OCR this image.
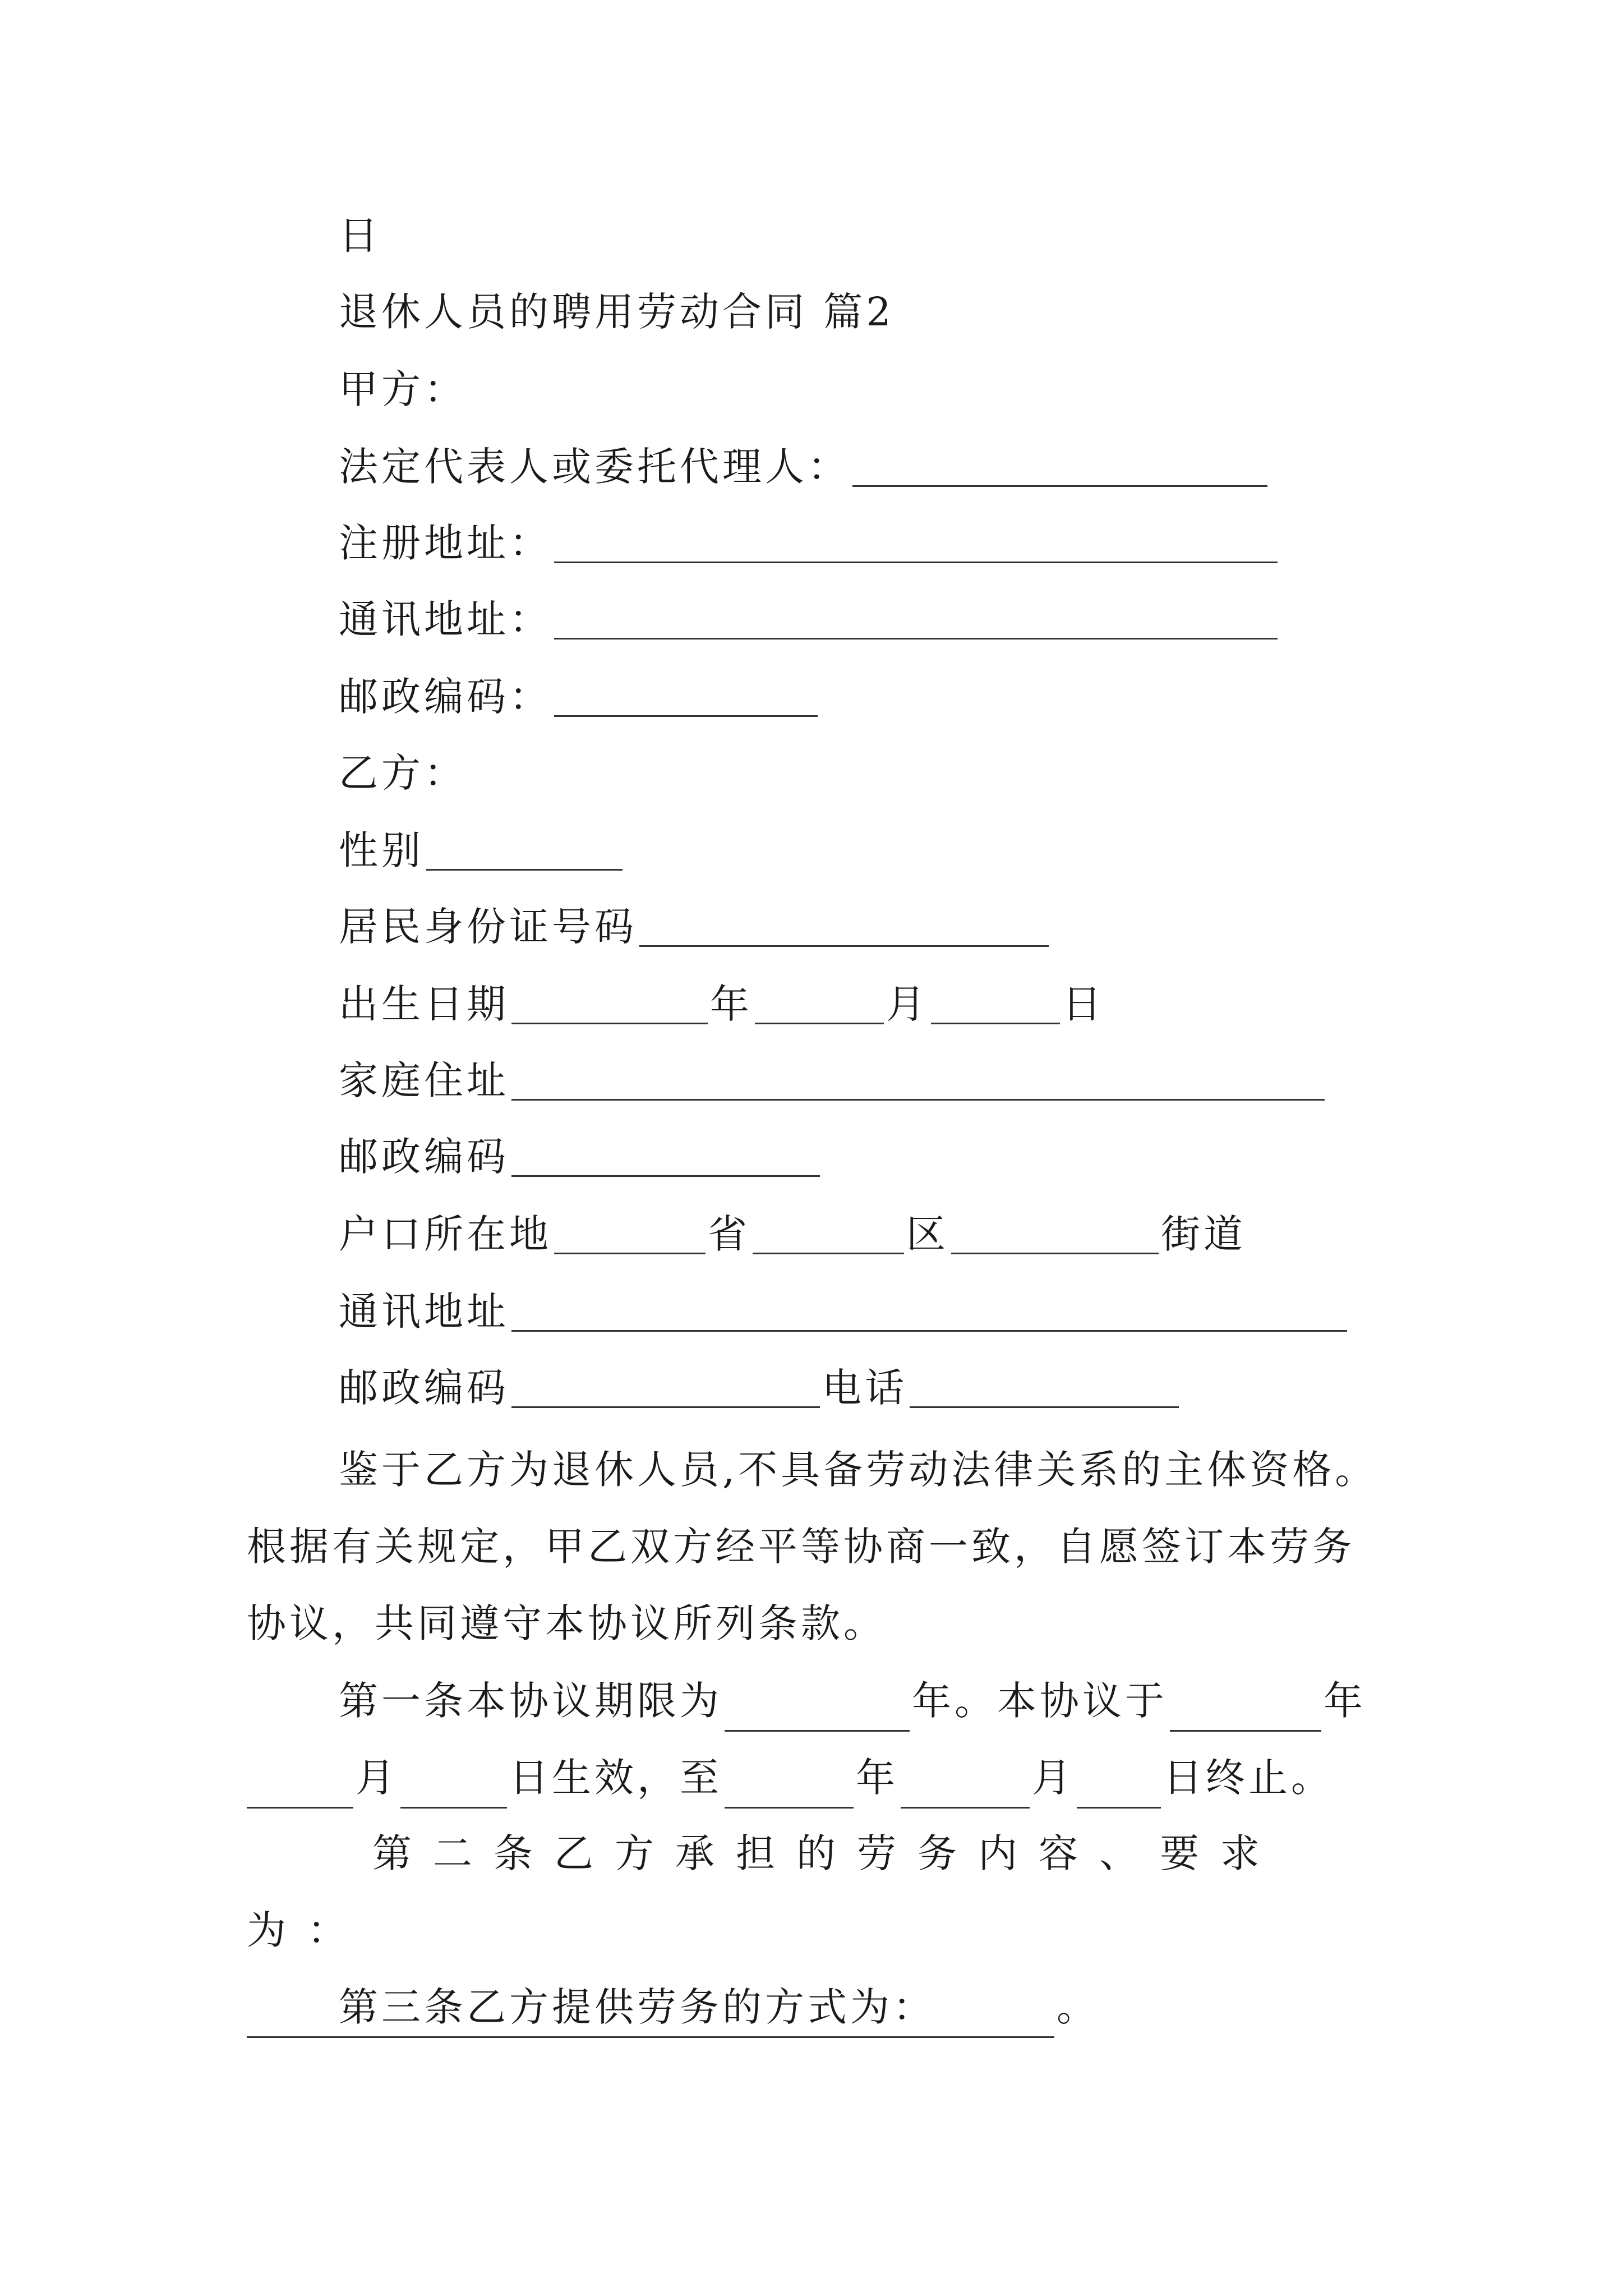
日
退休人员的聘用劳动合同 篇2
甲方：
法定代表人或委托代理人：
注册地址：
通讯地址：
邮政编码：
乙方：
性别
居民身份证号码
出生日期	年	月	日
家庭住址
邮政编码
户口所在地	省	区	街道
通讯地址
邮政编码	电话
鉴于乙方为退休人员,不具备劳动法律关系的主体资格。根据有关规定，甲乙双方经平等协商一致，自愿签订本劳务协议，共同遵守本协议所列条款。
第一条本协议期限为	年。本协议于	年
月	日生效，至	年	月 日终止。
第二条乙方承担的劳务内容、要求为：
。
第三条乙方提供劳务的方式为：
